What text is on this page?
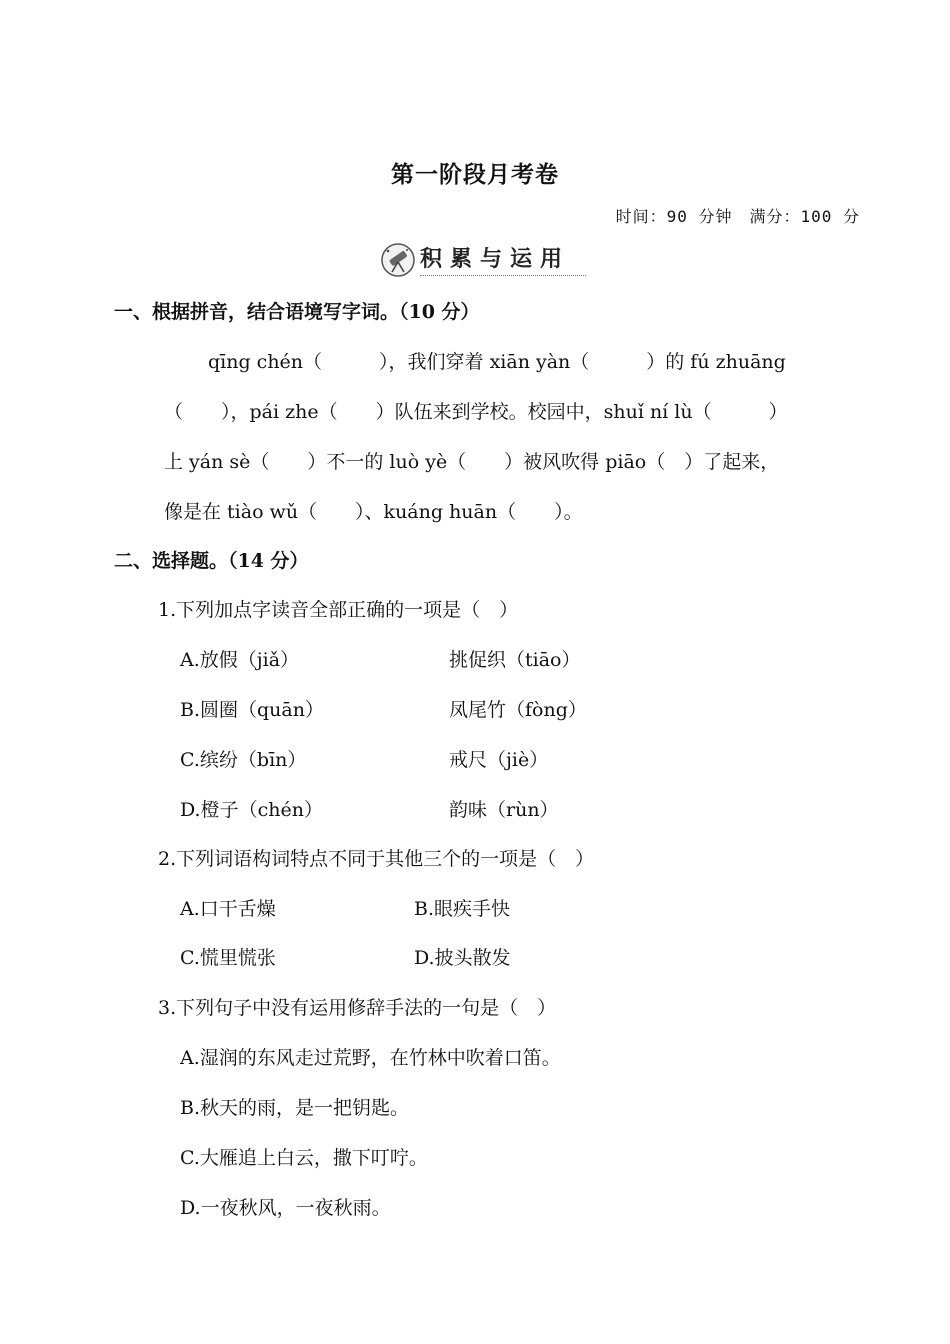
第一阶段月考卷
时间：90 分钟　满分：100 分
积累与运用
一、根据拼音，结合语境写字词。（10 分）
qīng chén（　　　），我们穿着 xiān yàn（　　　）的 fú zhuāng
（　　），pái zhe（　　）队伍来到学校。校园中，shuǐ ní lù（　　　）
上 yán sè（　　）不一的 luò yè（　　）被风吹得 piāo（　）了起来，
像是在 tiào wǔ（　　）、kuáng huān（　　）。
二、选择题。（14 分）
1.下列加点字读音全部正确的一项是（　）
A.放假（jiǎ）	挑促织（tiāo）
B.圆圈（quān）	凤尾竹（fòng）
C.缤纷（bīn）	戒尺（jiè）
D.橙子（chén）	韵味（rùn）
2.下列词语构词特点不同于其他三个的一项是（　）
A.口干舌燥	B.眼疾手快
C.慌里慌张	D.披头散发
3.下列句子中没有运用修辞手法的一句是（　）
A.湿润的东风走过荒野，在竹林中吹着口笛。
B.秋天的雨，是一把钥匙。
C.大雁追上白云，撒下叮咛。
D.一夜秋风，一夜秋雨。
